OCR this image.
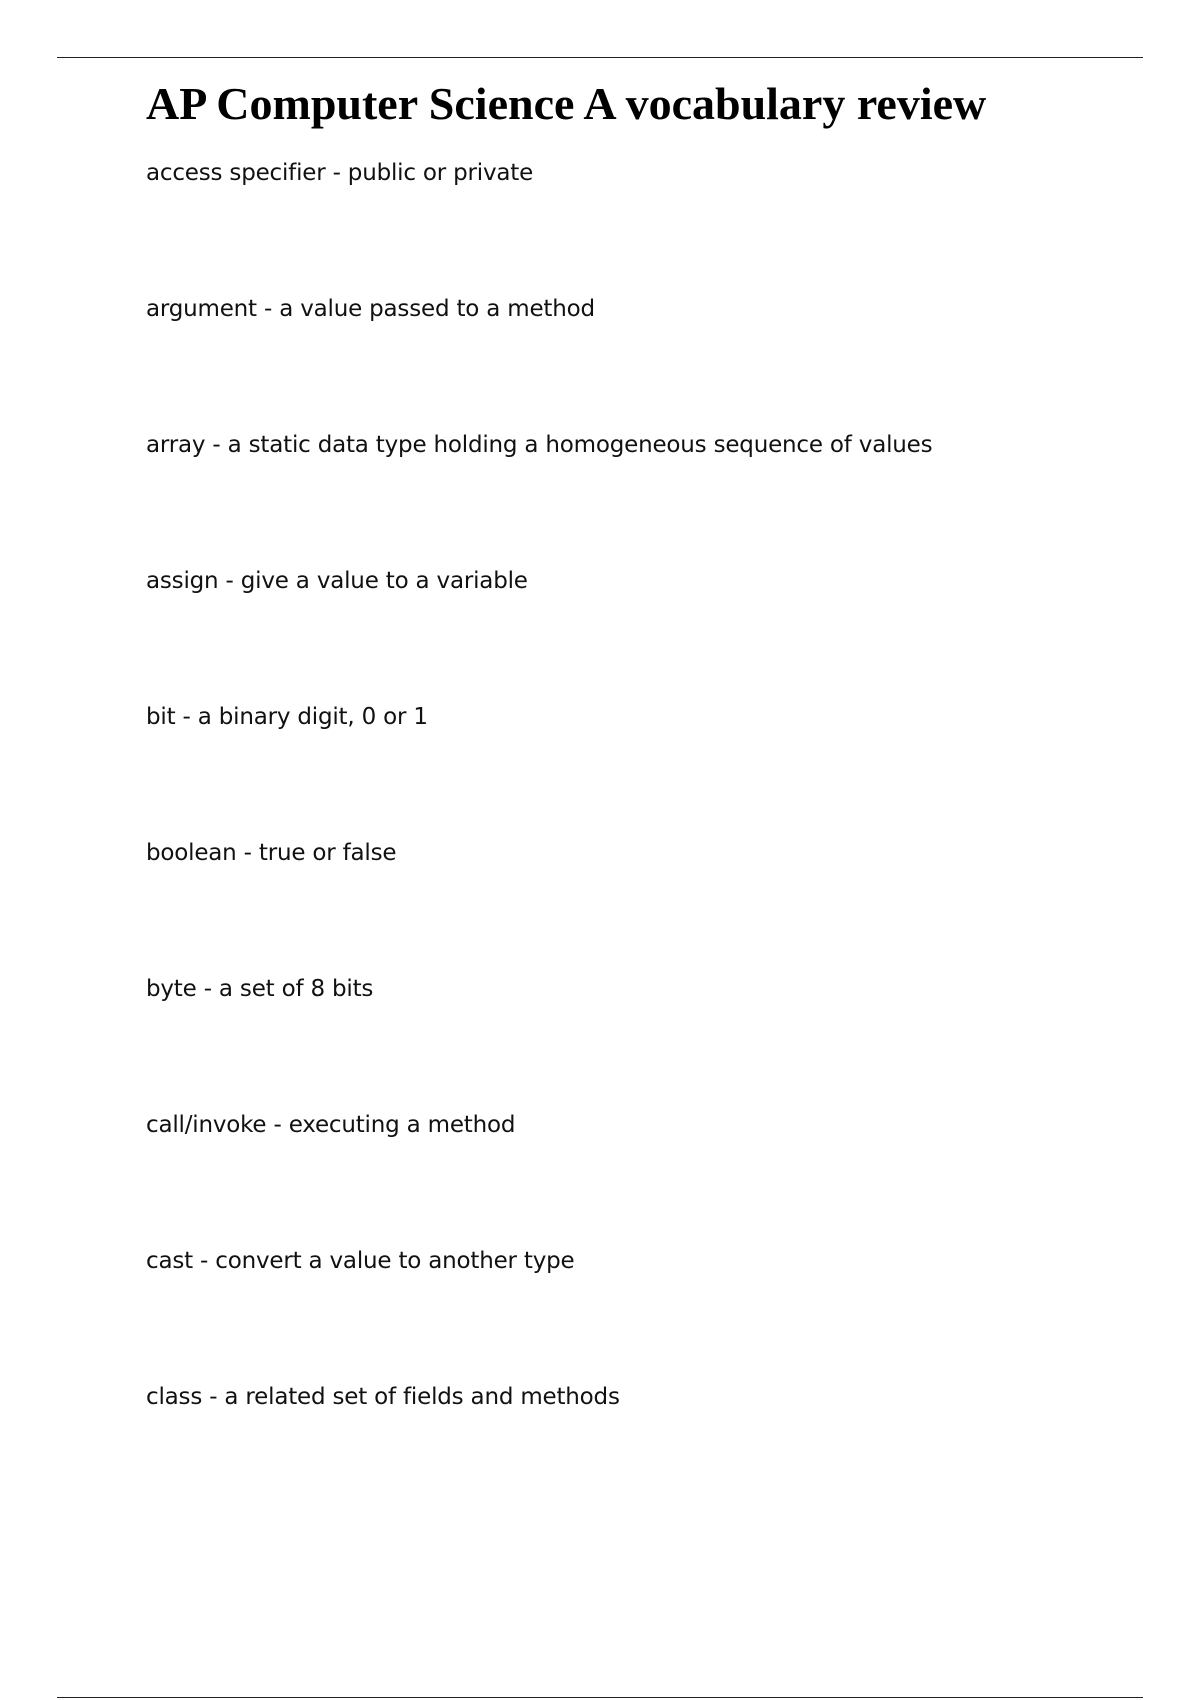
AP Computer Science A vocabulary review
access specifier - public or private
argument - a value passed to a method
array - a static data type holding a homogeneous sequence of values
assign - give a value to a variable
bit - a binary digit, 0 or 1
boolean - true or false
byte - a set of 8 bits
call/invoke - executing a method
cast - convert a value to another type
class - a related set of fields and methods
